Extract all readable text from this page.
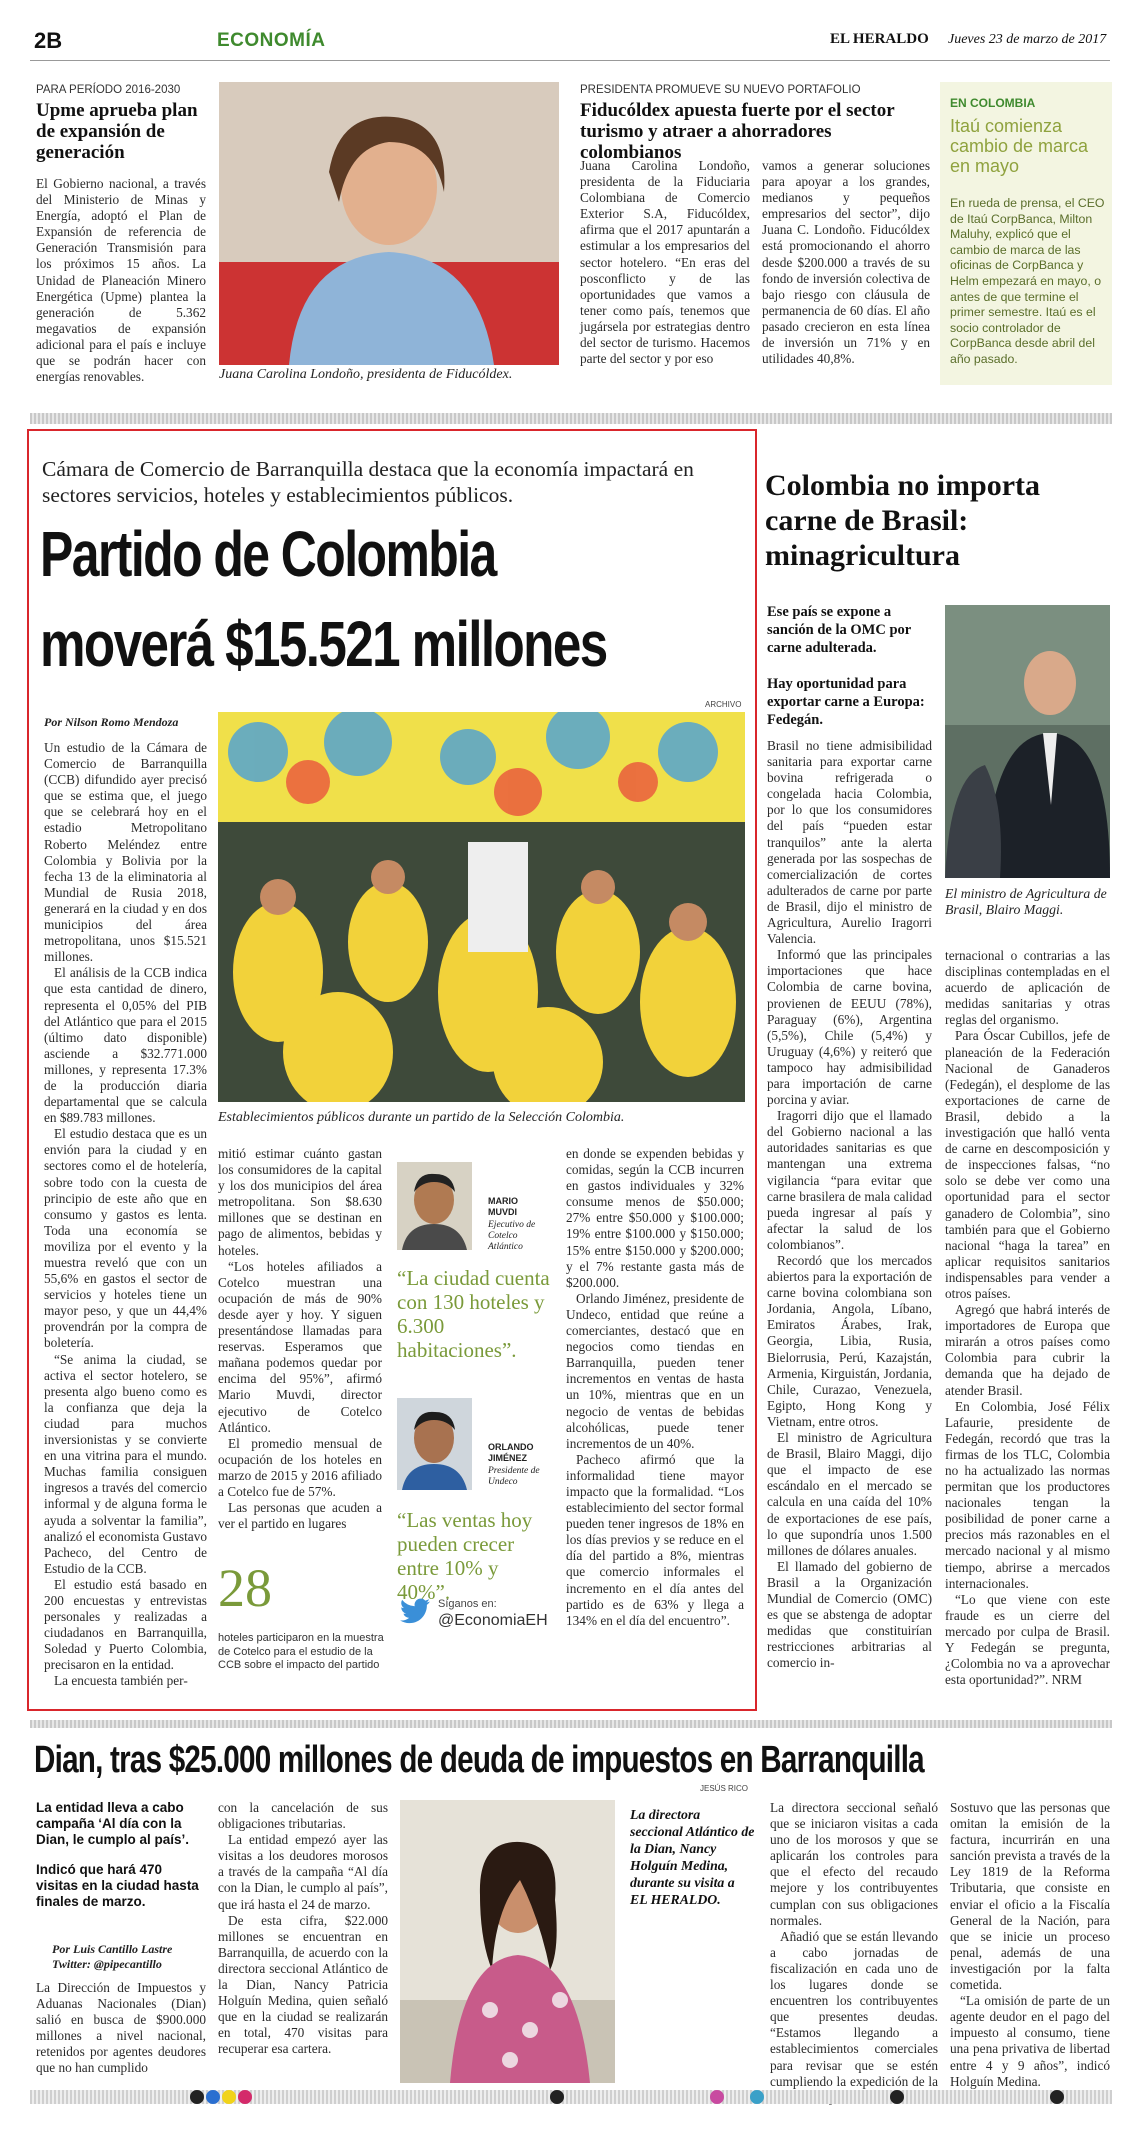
2B	ECONOMÍA	EL HERALDO Jueves 23 de marzo de 2017
PARA PERÍODO 2016-2030
Upme aprueba plan de expansión de generación

El Gobierno nacional, a través del Ministerio de Minas y Energía, adoptó el Plan de Expansión de referencia de Generación Transmisión para los próximos 15 años. La Unidad de Planeación Minero Energética (Upme) plantea la generación de 5.362 megavatios de expansión adicional para el país e incluye que se podrán hacer con energías renovables.	Juana Carolina Londoño, presidenta de Fiducóldex.
PRESIDENTA PROMUEVE SU NUEVO PORTAFOLIO
Fiducóldex apuesta fuerte por el sector turismo y atraer a ahorradores colombianos

Juana Carolina Londoño, presidenta de la Fiduciaria Colombiana de Comercio Exterior S.A, Fiducóldex, afirma que el 2017 apuntarán a estimular a los empresarios del sector hotelero. “En eras del posconflicto y de las oportunidades que vamos a tener como país, tenemos que jugársela por estrategias dentro del sector de turismo. Hacemos parte del sector y por eso

vamos a generar soluciones para apoyar a los grandes, medianos y pequeños empresarios del sector”, dijo Juana C. Londoño. Fiducóldex está promocionando el ahorro desde $200.000 a través de su fondo de inversión colectiva de bajo riesgo con cláusula de permanencia de 60 días. El año pasado crecieron en esta línea de inversión un 71% y en utilidades 40,8%.

EN COLOMBIA
Itaú comienza cambio de marca en mayo
En rueda de prensa, el CEO de Itaú CorpBanca, Milton Maluhy, explicó que el cambio de marca de las oficinas de CorpBanca y Helm empezará en mayo, o antes de que termine el primer semestre. Itaú es el socio controlador de CorpBanca desde abril del año pasado.
Cámara de Comercio de Barranquilla destaca que la economía impactará en sectores servicios, hoteles y establecimientos públicos.
Partido de Colombia
moverá $15.521 millones
ARCHIVO
Por Nilson Romo Mendoza
Establecimientos públicos durante un partido de la Selección Colombia.

Un estudio de la Cámara de Comercio de Barranquilla (CCB) difundido ayer precisó que se estima que, el juego que se celebrará hoy en el estadio Metropolitano Roberto Meléndez entre Colombia y Bolivia por la fecha 13 de la eliminatoria al Mundial de Rusia 2018, generará en la ciudad y en dos municipios del área metropolitana, unos $15.521 millones.

El análisis de la CCB indica que esta cantidad de dinero, representa el 0,05% del PIB del Atlántico que para el 2015 (último dato disponible) asciende a $32.771.000 millones, y representa 17.3% de la producción diaria departamental que se calcula en $89.783 millones.

El estudio destaca que es un envión para la ciudad y en sectores como el de hotelería, sobre todo con la cuesta de principio de este año que en consumo y gastos es lenta. Toda una economía se moviliza por el evento y la muestra reveló que con un 55,6% en gastos el sector de servicios y hoteles tiene un mayor peso, y que un 44,4% provendrán por la compra de boletería.

“Se anima la ciudad, se activa el sector hotelero, se presenta algo bueno como es la confianza que deja la ciudad para muchos inversionistas y se convierte en una vitrina para el mundo. Muchas familia consiguen ingresos a través del comercio informal y de alguna forma le ayuda a solventar la familia”, analizó el economista Gustavo Pacheco, del Centro de Estudio de la CCB.

El estudio está basado en 200 encuestas y entrevistas personales y realizadas a ciudadanos en Barranquilla, Soledad y Puerto Colombia, precisaron en la entidad.

La encuesta también per-

mitió estimar cuánto gastan los consumidores de la capital y los dos municipios del área metropolitana. Son $8.630 millones que se destinan en pago de alimentos, bebidas y hoteles.

“Los hoteles afiliados a Cotelco muestran una ocupación de más de 90% desde ayer y hoy. Y siguen presentándose llamadas para reservas. Esperamos que mañana podemos quedar por encima del 95%”, afirmó Mario Muvdi, director ejecutivo de Cotelco Atlántico.

El promedio mensual de ocupación de los hoteles en marzo de 2015 y 2016 afiliado a Cotelco fue de 57%.

Las personas que acuden a ver el partido en lugares

MARIO MUVDI
Ejecutivo de Cotelco Atlántico
“La ciudad cuenta con 130 hoteles y 6.300 habitaciones”.
ORLANDO JIMÉNEZ
Presidente de Undeco
“Las ventas hoy pueden crecer entre 10% y 40%”.
28
hoteles participaron en la muestra de Cotelco para el estudio de la CCB sobre el impacto del partido
Síganos en:
@EconomiaEH

en donde se expenden bebidas y comidas, según la CCB incurren en gastos individuales y 32% consume menos de $50.000; 27% entre $50.000 y $100.000; 19% entre $100.000 y $150.000; 15% entre $150.000 y $200.000; y el 7% restante gasta más de $200.000.

Orlando Jiménez, presidente de Undeco, entidad que reúne a comerciantes, destacó que en negocios como tiendas en Barranquilla, pueden tener incrementos en ventas de hasta un 10%, mientras que en un negocio de ventas de bebidas alcohólicas, puede tener incrementos de un 40%.

Pacheco afirmó que la informalidad tiene mayor impacto que la formalidad. “Los establecimiento del sector formal pueden tener ingresos de 18% en los días previos y se reduce en el día del partido a 8%, mientras que comercio informales el incremento en el día antes del partido es de 63% y llega a 134% en el día del encuentro”.

Colombia no importa carne de Brasil: minagricultura
Ese país se expone a sanción de la OMC por carne adulterada.
Hay oportunidad para exportar carne a Europa: Fedegán.
El ministro de Agricultura de Brasil, Blairo Maggi.

Brasil no tiene admisibilidad sanitaria para exportar carne bovina refrigerada o congelada hacia Colombia, por lo que los consumidores del país “pueden estar tranquilos” ante la alerta generada por las sospechas de comercialización de cortes adulterados de carne por parte de Brasil, dijo el ministro de Agricultura, Aurelio Iragorri Valencia.

Informó que las principales importaciones que hace Colombia de carne bovina, provienen de EEUU (78%), Paraguay (6%), Argentina (5,5%), Chile (5,4%) y Uruguay (4,6%) y reiteró que tampoco hay admisibilidad para importación de carne porcina y aviar.

Iragorri dijo que el llamado del Gobierno nacional a las autoridades sanitarias es que mantengan una extrema vigilancia “para evitar que carne brasilera de mala calidad pueda ingresar al país y afectar la salud de los colombianos”.

Recordó que los mercados abiertos para la exportación de carne bovina colombiana son Jordania, Angola, Líbano, Emiratos Árabes, Irak, Georgia, Libia, Rusia, Bielorrusia, Perú, Kazajstán, Armenia, Kirguistán, Jordania, Chile, Curazao, Venezuela, Egipto, Hong Kong y Vietnam, entre otros.

El ministro de Agricultura de Brasil, Blairo Maggi, dijo que el impacto de ese escándalo en el mercado se calcula en una caída del 10% de exportaciones de ese país, lo que supondría unos 1.500 millones de dólares anuales.

El llamado del gobierno de Brasil a la Organización Mundial de Comercio (OMC) es que se abstenga de adoptar medidas que constituirían restricciones arbitrarias al comercio in-

ternacional o contrarias a las disciplinas contempladas en el acuerdo de aplicación de medidas sanitarias y otras reglas del organismo.

Para Óscar Cubillos, jefe de planeación de la Federación Nacional de Ganaderos (Fedegán), el desplome de las exportaciones de carne de Brasil, debido a la investigación que halló venta de carne en descomposición y de inspecciones falsas, “no solo se debe ver como una oportunidad para el sector ganadero de Colombia”, sino también para que el Gobierno nacional “haga la tarea” en aplicar requisitos sanitarios indispensables para vender a otros países.

Agregó que habrá interés de importadores de Europa que mirarán a otros países como Colombia para cubrir la demanda que ha dejado de atender Brasil.

En Colombia, José Félix Lafaurie, presidente de Fedegán, recordó que tras la firmas de los TLC, Colombia no ha actualizado las normas permitan que los productores nacionales tengan la posibilidad de poner carne a precios más razonables en el mercado nacional y al mismo tiempo, abrirse a mercados internacionales.

“Lo que viene con este fraude es un cierre del mercado por culpa de Brasil. Y Fedegán se pregunta, ¿Colombia no va a aprovechar esta oportunidad?”. NRM

Dian, tras $25.000 millones de deuda de impuestos en Barranquilla
JESÚS RICO
La entidad lleva a cabo campaña ‘Al día con la Dian, le cumplo al país’.
Indicó que hará 470 visitas en la ciudad hasta finales de marzo.
Por Luis Cantillo Lastre
Twitter: @pipecantillo

La Dirección de Impuestos y Aduanas Nacionales (Dian) salió en busca de $900.000 millones a nivel nacional, retenidos por agentes deudores que no han cumplido

con la cancelación de sus obligaciones tributarias.

La entidad empezó ayer las visitas a los deudores morosos a través de la campaña “Al día con la Dian, le cumplo al país”, que irá hasta el 24 de marzo.

De esta cifra, $22.000 millones se encuentran en Barranquilla, de acuerdo con la directora seccional Atlántico de la Dian, Nancy Patricia Holguín Medina, quien señaló que en la ciudad se realizarán en total, 470 visitas para recuperar esa cartera.

La directora seccional Atlántico de la Dian, Nancy Holguín Medina, durante su visita a EL HERALDO.

La directora seccional señaló que se iniciaron visitas a cada uno de los morosos y que se aplicarán los controles para que el efecto del recaudo mejore y los contribuyentes cumplan con sus obligaciones normales.

Añadió que se están llevando a cabo jornadas de fiscalización en cada uno de los lugares donde se encuentren los contribuyentes que presentes deudas. “Estamos llegando a establecimientos comerciales para revisar que se estén cumpliendo la expedición de la

Sostuvo que las personas que omitan la emisión de la factura, incurrirán en una sanción prevista a través de la Ley 1819 de la Reforma Tributaria, que consiste en enviar el oficio a la Fiscalía General de la Nación, para que se inicie un proceso penal, además de una investigación por la falta cometida.

“La omisión de parte de un agente deudor en el pago del impuesto al consumo, tiene una pena privativa de libertad entre 4 y 9 años”, indicó Holguín Medina.
